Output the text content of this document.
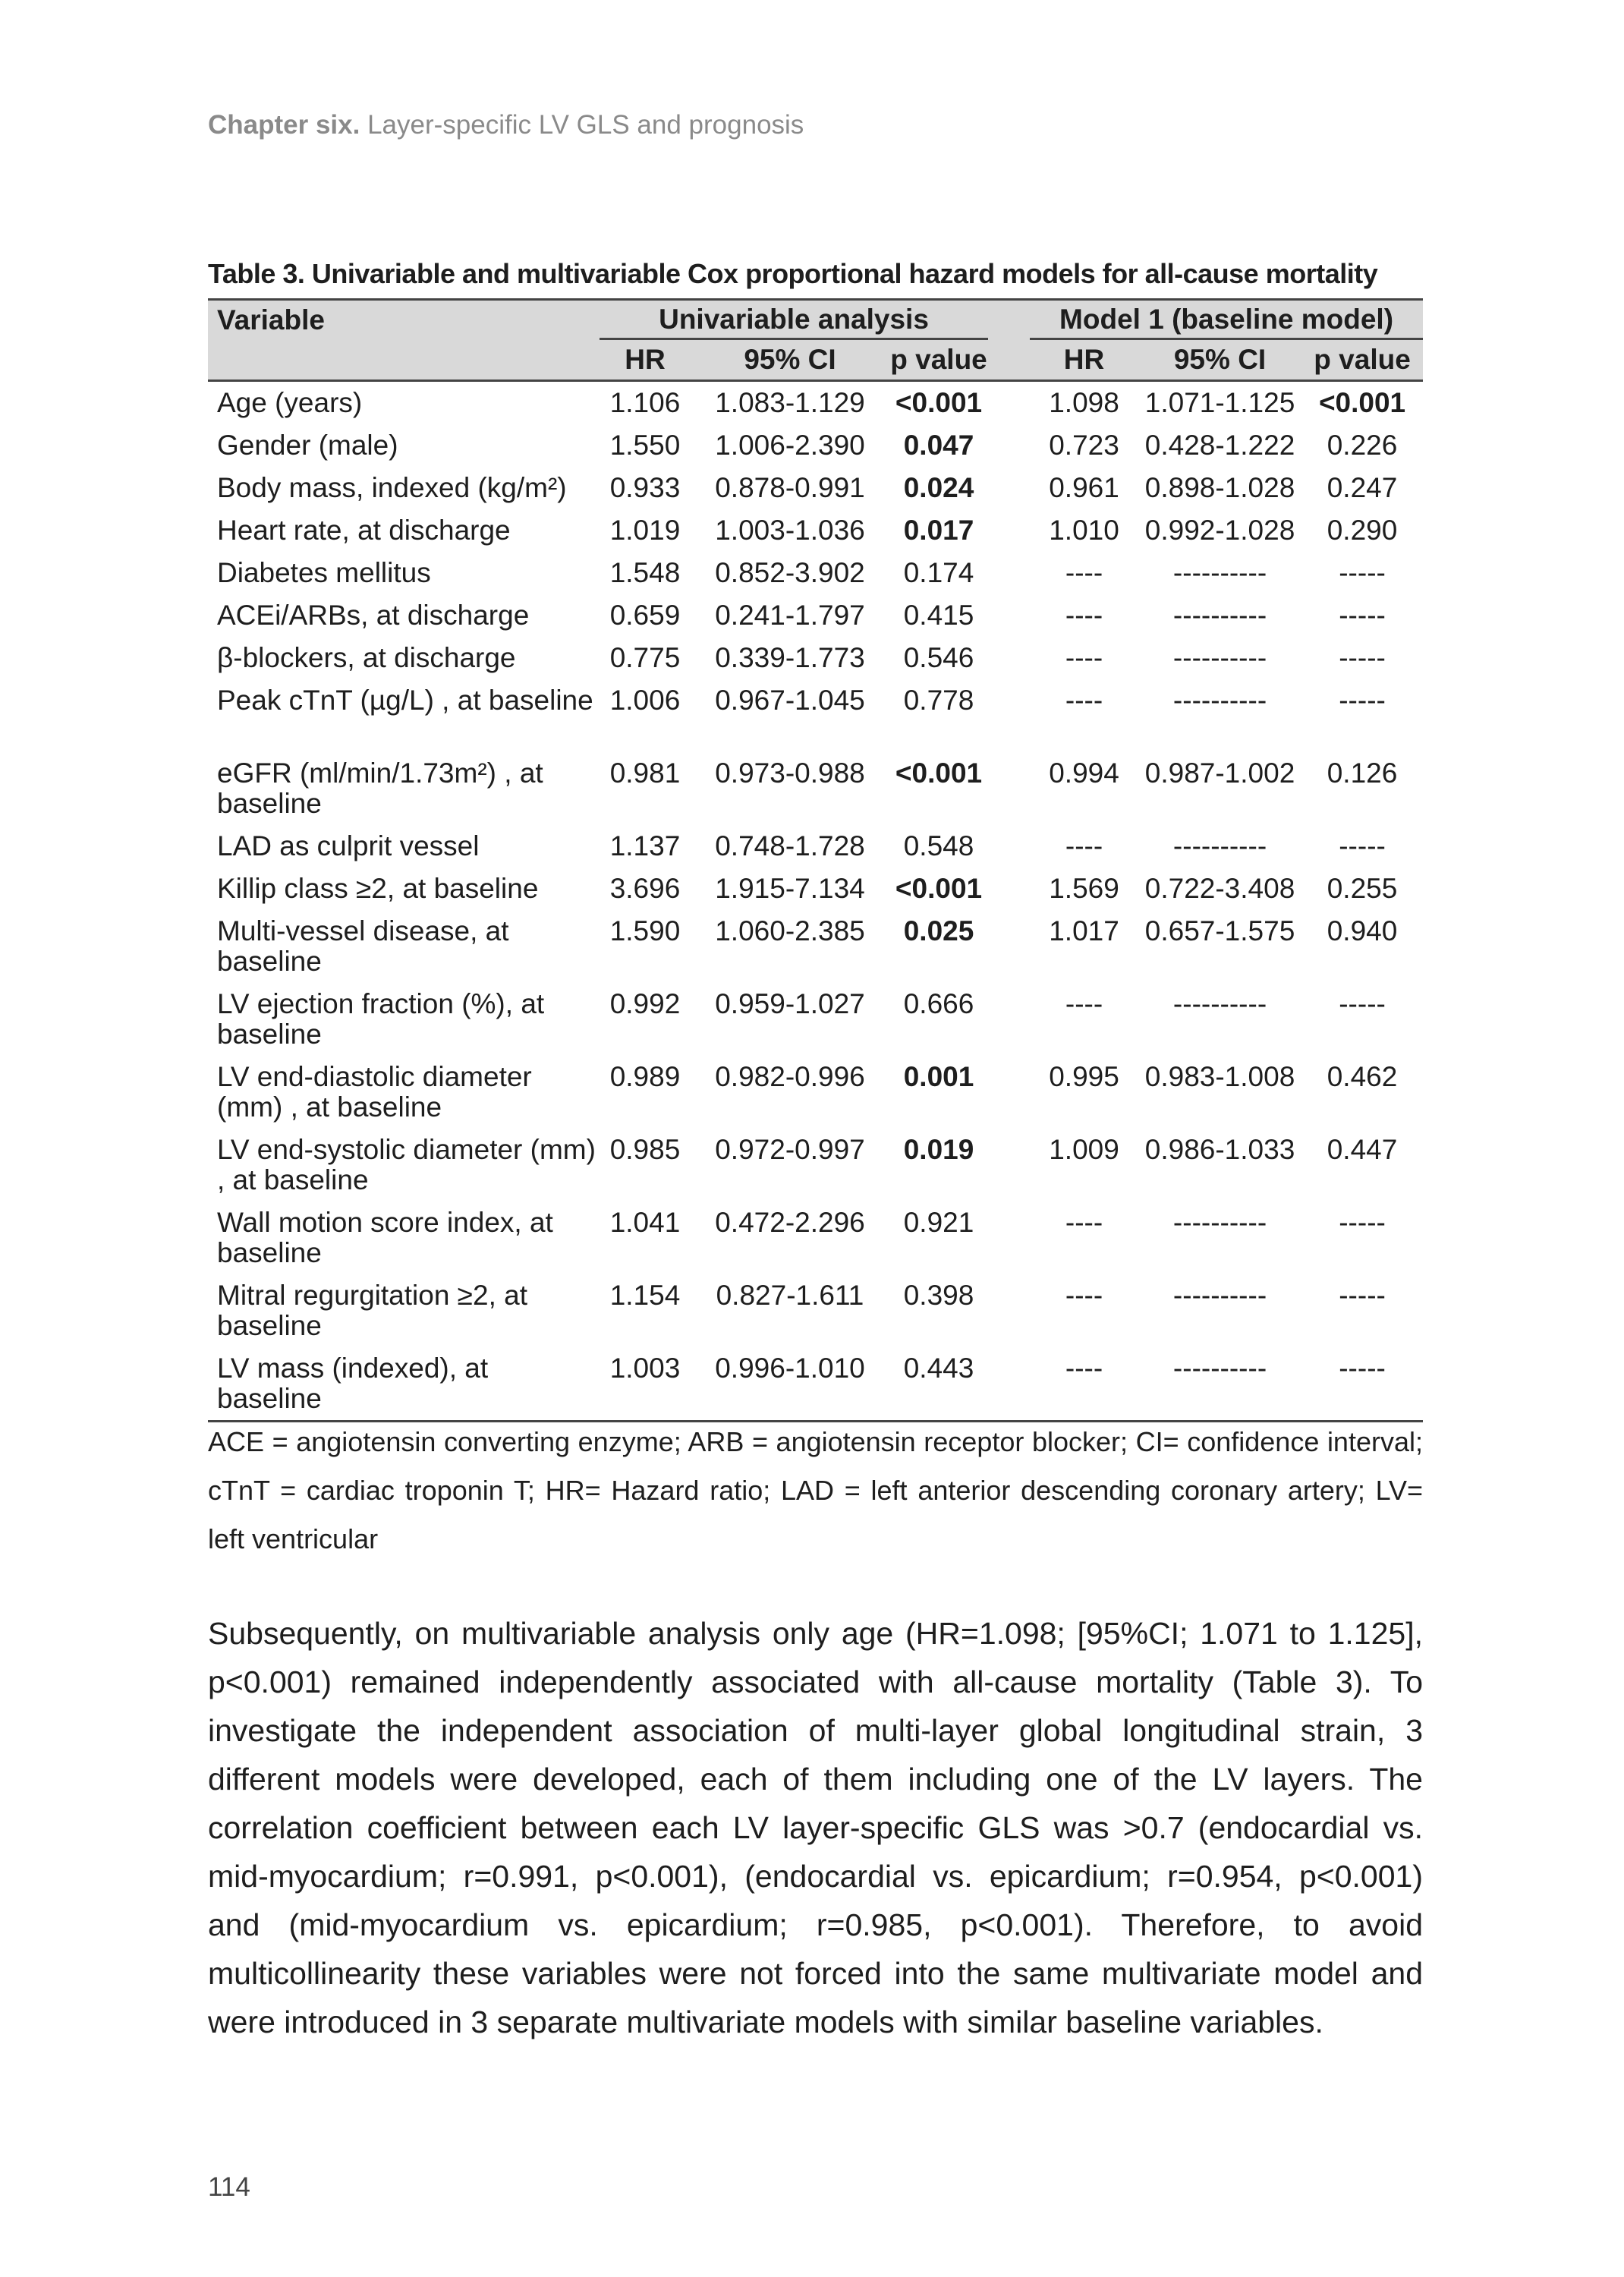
Chapter six. Layer-specific LV GLS and prognosis
Table 3. Univariable and multivariable Cox proportional hazard models for all-cause mortality
Variable	Univariable analysis				Model 1 (baseline model)		

	HR	95% CI	p value		HR	95% CI	p value
Age (years)	1.106	1.083-1.129	<0.001		1.098	1.071-1.125	<0.001
Gender (male)	1.550	1.006-2.390	0.047		0.723	0.428-1.222	0.226
Body mass, indexed (kg/m²)	0.933	0.878-0.991	0.024		0.961	0.898-1.028	0.247
Heart rate, at discharge	1.019	1.003-1.036	0.017		1.010	0.992-1.028	0.290
Diabetes mellitus	1.548	0.852-3.902	0.174		----	----------	-----
ACEi/ARBs, at discharge	0.659	0.241-1.797	0.415		----	----------	-----
β-blockers, at discharge	0.775	0.339-1.773	0.546		----	----------	-----
Peak cTnT (µg/L) , at baseline	1.006	0.967-1.045	0.778		----	----------	-----
eGFR (ml/min/1.73m²) , at baseline	0.981	0.973-0.988	<0.001		0.994	0.987-1.002	0.126
LAD as culprit vessel	1.137	0.748-1.728	0.548		----	----------	-----
Killip class ≥2, at baseline	3.696	1.915-7.134	<0.001		1.569	0.722-3.408	0.255
Multi-vessel disease, at baseline	1.590	1.060-2.385	0.025		1.017	0.657-1.575	0.940
LV ejection fraction (%), at baseline	0.992	0.959-1.027	0.666		----	----------	-----
LV end-diastolic diameter (mm) , at baseline	0.989	0.982-0.996	0.001		0.995	0.983-1.008	0.462
LV end-systolic diameter (mm) , at baseline	0.985	0.972-0.997	0.019		1.009	0.986-1.033	0.447
Wall motion score index, at baseline	1.041	0.472-2.296	0.921		----	----------	-----
Mitral regurgitation ≥2, at baseline	1.154	0.827-1.611	0.398		----	----------	-----
LV mass (indexed), at baseline	1.003	0.996-1.010	0.443		----	----------	-----
ACE = angiotensin converting enzyme; ARB = angiotensin receptor blocker; CI= confidence interval; cTnT = cardiac troponin T; HR= Hazard ratio; LAD = left anterior descending coronary artery; LV= left ventricular
Subsequently, on multivariable analysis only age (HR=1.098; [95%CI; 1.071 to 1.125], p<0.001) remained independently associated with all-cause mortality (Table 3). To investigate the independent association of multi-layer global longitudinal strain, 3 different models were developed, each of them including one of the LV layers. The correlation coefficient between each LV layer-specific GLS was >0.7 (endocardial vs. mid-myocardium; r=0.991, p<0.001), (endocardial vs. epicardium; r=0.954, p<0.001) and (mid-myocardium vs. epicardium; r=0.985, p<0.001). Therefore, to avoid multicollinearity these variables were not forced into the same multivariate model and were introduced in 3 separate multivariate models with similar baseline variables.
114
